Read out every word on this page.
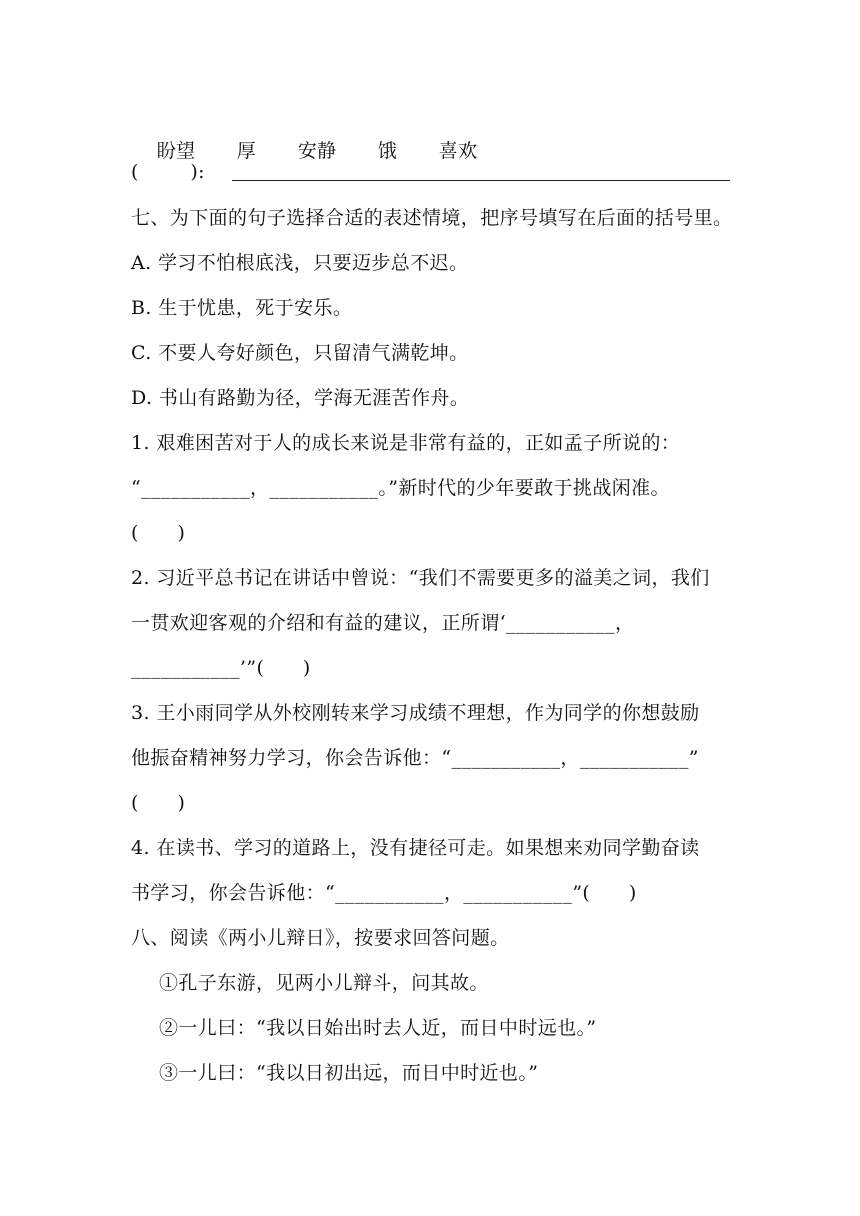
盼望 厚 安静 饿 喜欢

(        ):
七、为下面的句子选择合适的表述情境，把序号填写在后面的括号里。
A. 学习不怕根底浅，只要迈步总不迟。
B. 生于忧患，死于安乐。
C. 不要人夸好颜色，只留清气满乾坤。
D. 书山有路勤为径，学海无涯苦作舟。
1. 艰难困苦对于人的成长来说是非常有益的，正如孟子所说的：
“___________，___________。”新时代的少年要敢于挑战闲准。
(      )
2. 习近平总书记在讲话中曾说：“我们不需要更多的溢美之词，我们
一贯欢迎客观的介绍和有益的建议，正所谓‘___________，
___________’”(      )
3. 王小雨同学从外校刚转来学习成绩不理想，作为同学的你想鼓励
他振奋精神努力学习，你会告诉他：“___________，___________”
(      )
4. 在读书、学习的道路上，没有捷径可走。如果想来劝同学勤奋读
书学习，你会告诉他：“___________，___________”(      )
八、阅读《两小儿辩日》，按要求回答问题。
①孔子东游，见两小儿辩斗，问其故。
②一儿曰：“我以日始出时去人近，而日中时远也。”
③一儿曰：“我以日初出远，而日中时近也。”
